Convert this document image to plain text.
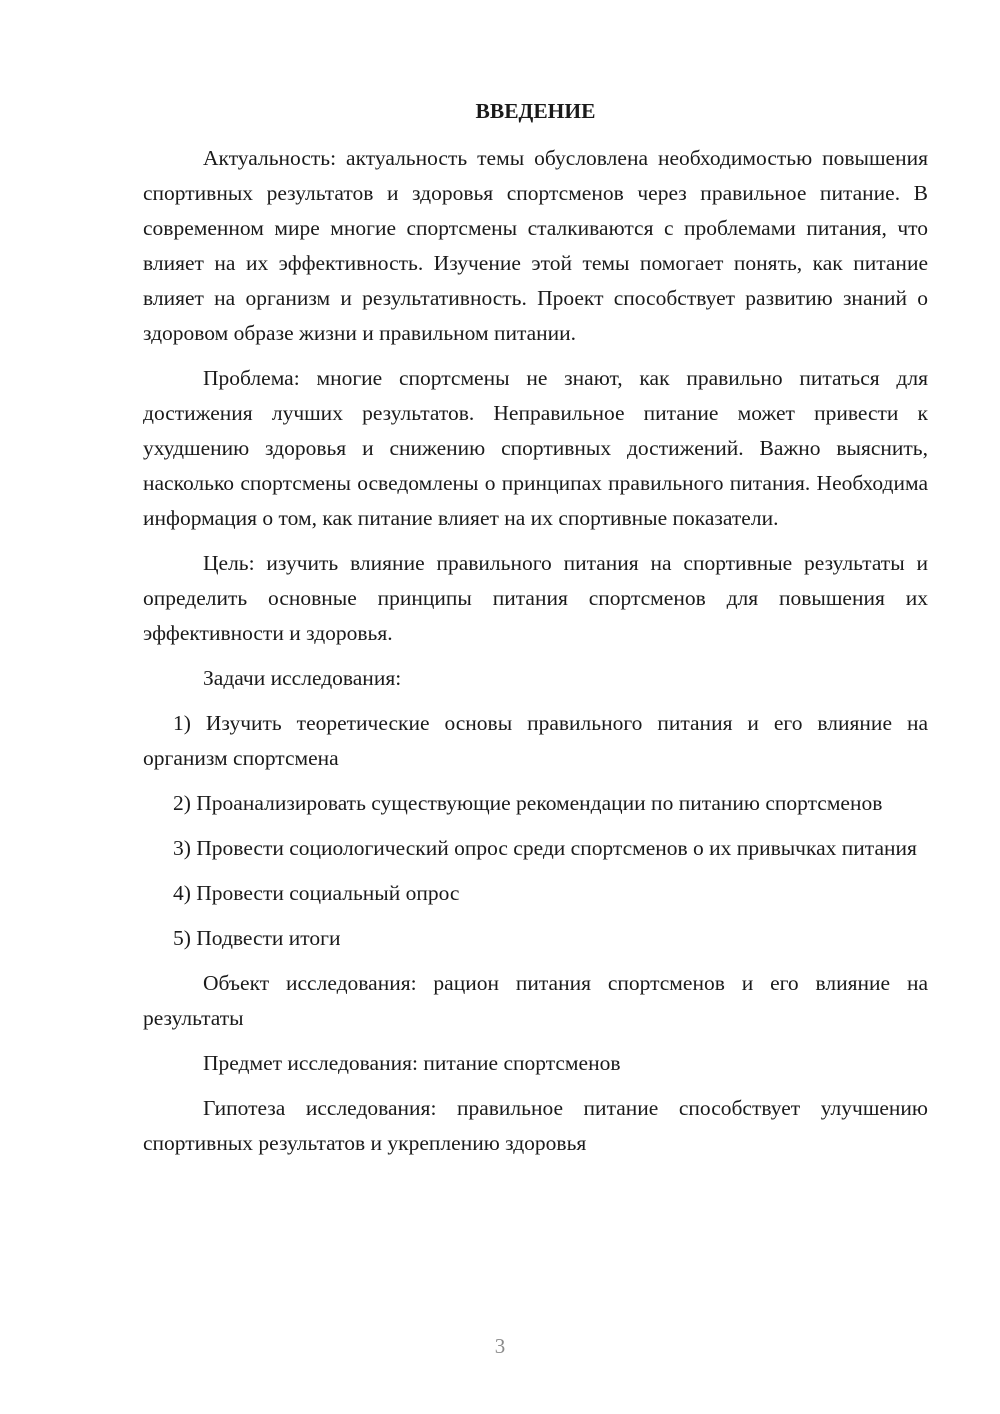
ВВЕДЕНИЕ

Актуальность: актуальность темы обусловлена необходимостью повышения спортивных результатов и здоровья спортсменов через правильное питание. В современном мире многие спортсмены сталкиваются с проблемами питания, что влияет на их эффективность. Изучение этой темы помогает понять, как питание влияет на организм и результативность. Проект способствует развитию знаний о здоровом образе жизни и правильном питании.

Проблема: многие спортсмены не знают, как правильно питаться для достижения лучших результатов. Неправильное питание может привести к ухудшению здоровья и снижению спортивных достижений. Важно выяснить, насколько спортсмены осведомлены о принципах правильного питания. Необходима информация о том, как питание влияет на их спортивные показатели.

Цель: изучить влияние правильного питания на спортивные результаты и определить основные принципы питания спортсменов для повышения их эффективности и здоровья.

Задачи исследования:

1) Изучить теоретические основы правильного питания и его влияние на организм спортсмена

2) Проанализировать существующие рекомендации по питанию спортсменов

3) Провести социологический опрос среди спортсменов о их привычках питания

4) Провести социальный опрос

5) Подвести итоги

Объект исследования: рацион питания спортсменов и его влияние на результаты

Предмет исследования: питание спортсменов

Гипотеза исследования: правильное питание способствует улучшению спортивных результатов и укреплению здоровья

3
